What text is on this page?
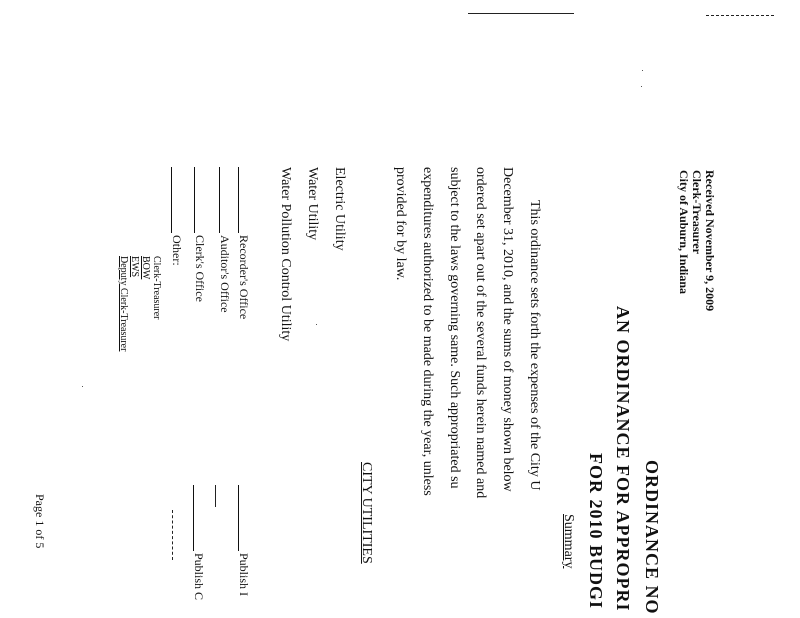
ORDINANCE NO
AN ORDINANCE FOR APPROPRI
FOR 2010 BUDGI
Received November 9, 2009
Clerk-Treasurer
City of Auburn, Indiana
Summary
This ordinance sets forth the expenses of the City U
December 31, 2010, and the sums of money shown below
ordered set apart out of the several funds herein named and
subject to the laws governing same. Such appropriated su
expenditures authorized to be made during the year, unless
provided for by law.
CITY UTILITIES
Electric Utility
Water Utility
Water Pollution Control Utility
Recorder's Office
Auditor's Office
Clerk's Office
Other:
Clerk-Treasurer
BOW
EWS
Deputy Clerk-Treasurer
Publish I
Publish C
Page 1 of 5
